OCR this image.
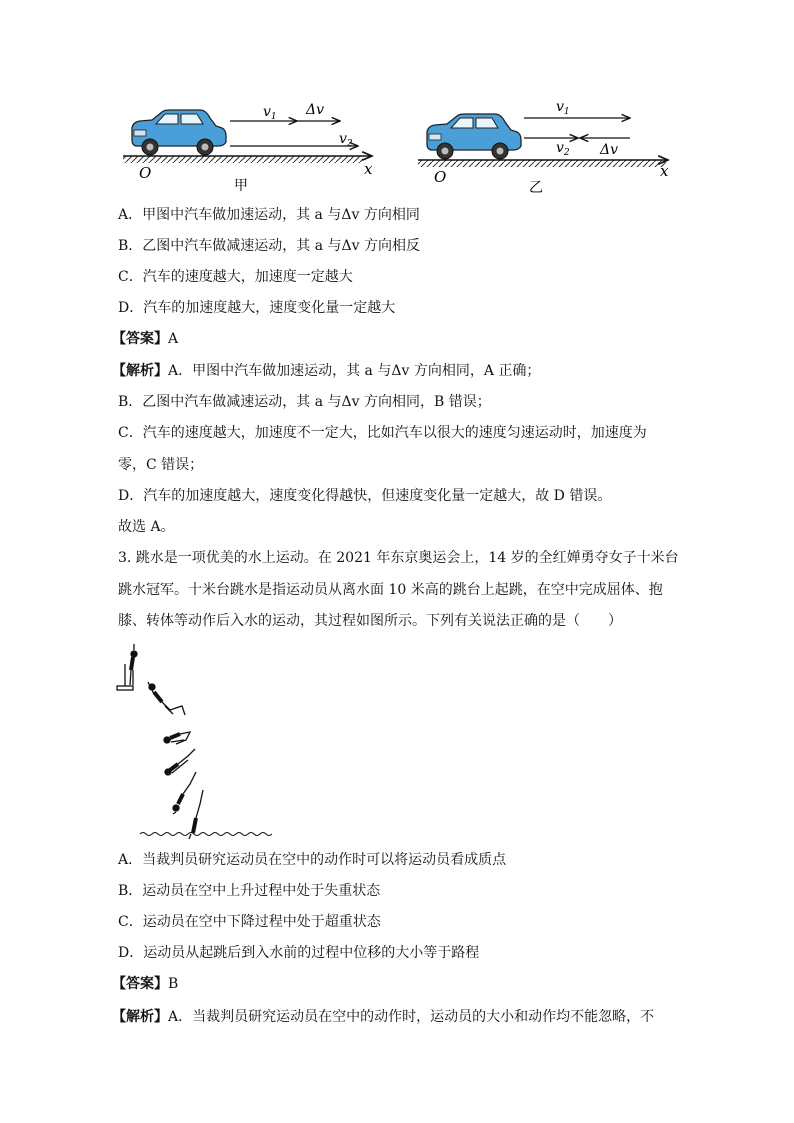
$v_1$ Δv
$v_2$
O	x
甲
$v_1$
$v_2$ Δv
O	x
乙
A．甲图中汽车做加速运动，其 a 与Δv 方向相同
B．乙图中汽车做减速运动，其 a 与Δv 方向相反
C．汽车的速度越大，加速度一定越大
D．汽车的加速度越大，速度变化量一定越大
【答案】A
【解析】A．甲图中汽车做加速运动，其 a 与Δv 方向相同，A 正确；
B．乙图中汽车做减速运动，其 a 与Δv 方向相同，B 错误；
C．汽车的速度越大，加速度不一定大，比如汽车以很大的速度匀速运动时，加速度为
零，C 错误；
D．汽车的加速度越大，速度变化得越快，但速度变化量一定越大，故 D 错误。
故选 A。
3. 跳水是一项优美的水上运动。在 2021 年东京奥运会上，14 岁的全红婵勇夺女子十米台
跳水冠军。十米台跳水是指运动员从离水面 10 米高的跳台上起跳，在空中完成屈体、抱
膝、转体等动作后入水的运动，其过程如图所示。下列有关说法正确的是（　　）
A．当裁判员研究运动员在空中的动作时可以将运动员看成质点
B．运动员在空中上升过程中处于失重状态
C．运动员在空中下降过程中处于超重状态
D．运动员从起跳后到入水前的过程中位移的大小等于路程
【答案】B
【解析】A．当裁判员研究运动员在空中的动作时，运动员的大小和动作均不能忽略，不
